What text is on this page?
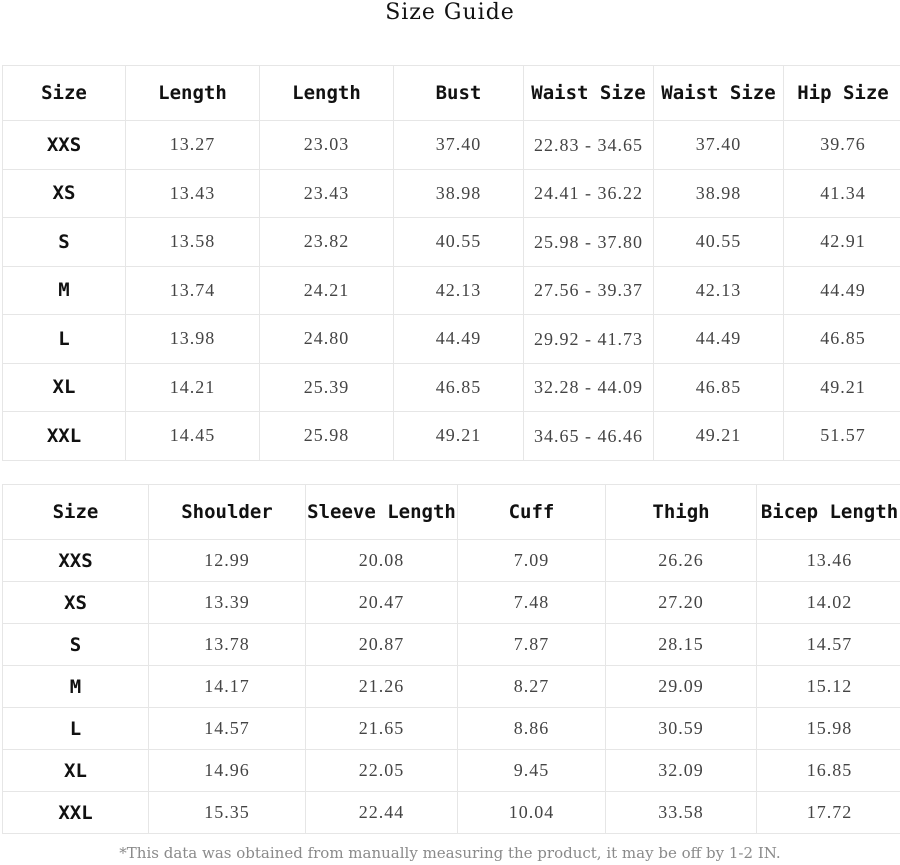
Size Guide
Size	Length	Length	Bust	Waist Size	Waist Size	Hip Size
XXS	13.27	23.03	37.40	22.83 - 34.65	37.40	39.76
XS	13.43	23.43	38.98	24.41 - 36.22	38.98	41.34
S	13.58	23.82	40.55	25.98 - 37.80	40.55	42.91
M	13.74	24.21	42.13	27.56 - 39.37	42.13	44.49
L	13.98	24.80	44.49	29.92 - 41.73	44.49	46.85
XL	14.21	25.39	46.85	32.28 - 44.09	46.85	49.21
XXL	14.45	25.98	49.21	34.65 - 46.46	49.21	51.57
Size	Shoulder	Sleeve Length	Cuff	Thigh	Bicep Length
XXS	12.99	20.08	7.09	26.26	13.46
XS	13.39	20.47	7.48	27.20	14.02
S	13.78	20.87	7.87	28.15	14.57
M	14.17	21.26	8.27	29.09	15.12
L	14.57	21.65	8.86	30.59	15.98
XL	14.96	22.05	9.45	32.09	16.85
XXL	15.35	22.44	10.04	33.58	17.72
*This data was obtained from manually measuring the product, it may be off by 1-2 IN.
